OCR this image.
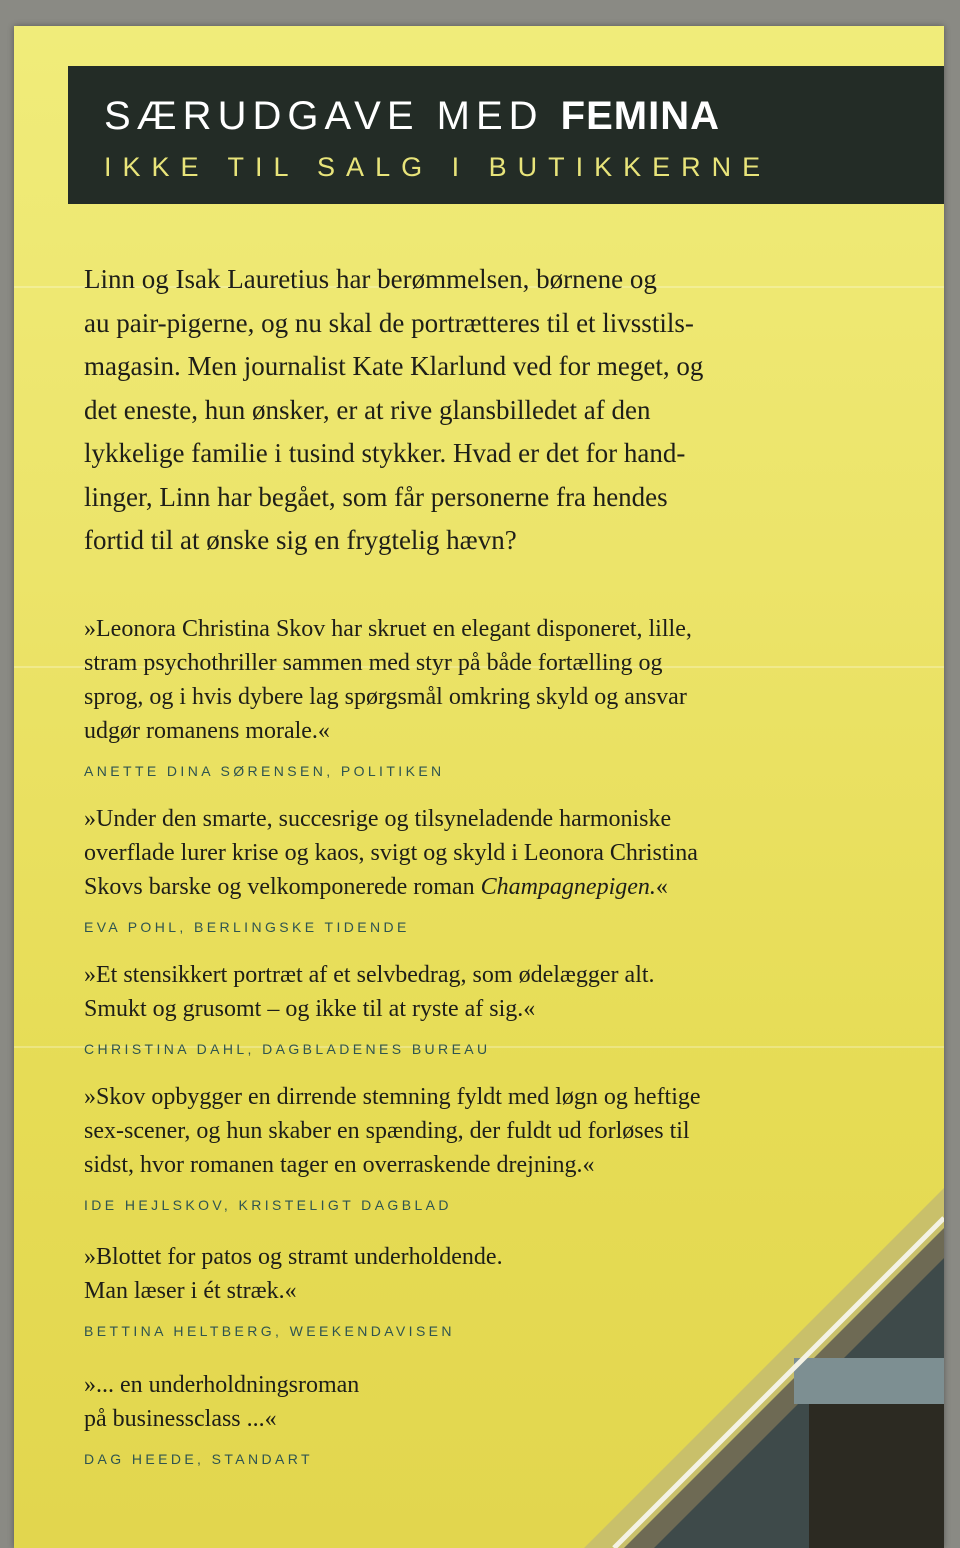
SÆRUDGAVE MED FEMINA
IKKE TIL SALG I BUTIKKERNE
Linn og Isak Lauretius har berømmelsen, børnene og
au pair-pigerne, og nu skal de portrætteres til et livsstils-
magasin. Men journalist Kate Klarlund ved for meget, og
det eneste, hun ønsker, er at rive glansbilledet af den
lykkelige familie i tusind stykker. Hvad er det for hand-
linger, Linn har begået, som får personerne fra hendes
fortid til at ønske sig en frygtelig hævn?
»Leonora Christina Skov har skruet en elegant disponeret, lille,
stram psychothriller sammen med styr på både fortælling og
sprog, og i hvis dybere lag spørgsmål omkring skyld og ansvar
udgør romanens morale.«
ANETTE DINA SØRENSEN, POLITIKEN
»Under den smarte, succesrige og tilsyneladende harmoniske
overflade lurer krise og kaos, svigt og skyld i Leonora Christina
Skovs barske og velkomponerede roman Champagnepigen.«
EVA POHL, BERLINGSKE TIDENDE
»Et stensikkert portræt af et selvbedrag, som ødelægger alt.
Smukt og grusomt – og ikke til at ryste af sig.«
CHRISTINA DAHL, DAGBLADENES BUREAU
»Skov opbygger en dirrende stemning fyldt med løgn og heftige
sex-scener, og hun skaber en spænding, der fuldt ud forløses til
sidst, hvor romanen tager en overraskende drejning.«
IDE HEJLSKOV, KRISTELIGT DAGBLAD
»Blottet for patos og stramt underholdende.
Man læser i ét stræk.«
BETTINA HELTBERG, WEEKENDAVISEN
»... en underholdningsroman
på businessclass ...«
DAG HEEDE, STANDART
